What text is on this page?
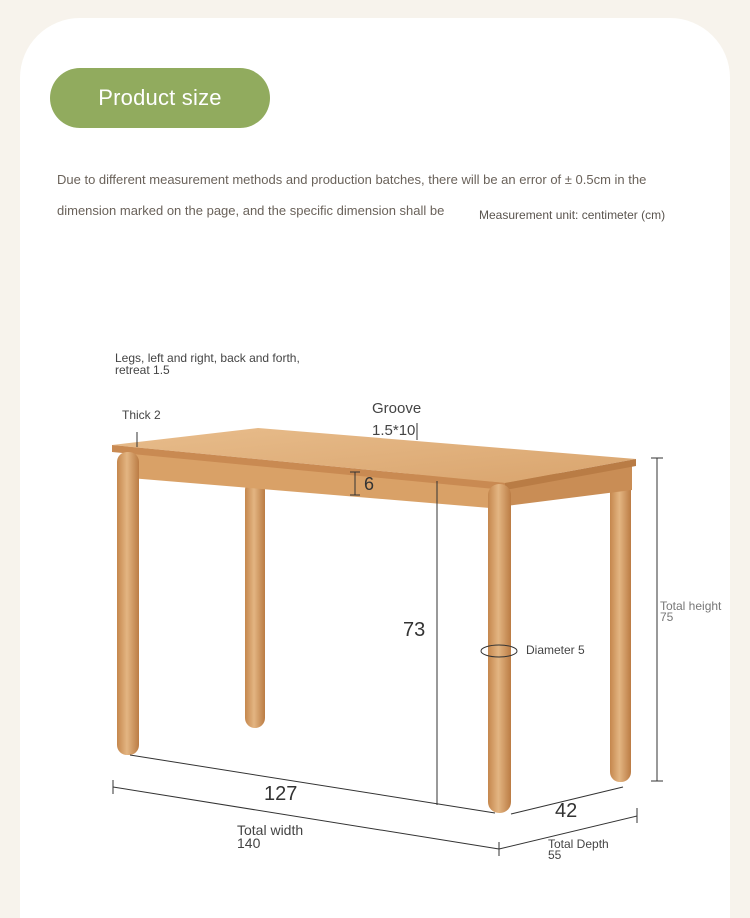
Product size
Due to different measurement methods and production batches, there will be an error of ± 0.5cm in the
dimension marked on the page, and the specific dimension shall be	Measurement unit: centimeter (cm)
Legs, left and right, back and forth,
retreat 1.5
Thick 2	Groove
1.5*10
6
73
Diameter 5
Total height
75
127
42
Total width
140	Total Depth
55
